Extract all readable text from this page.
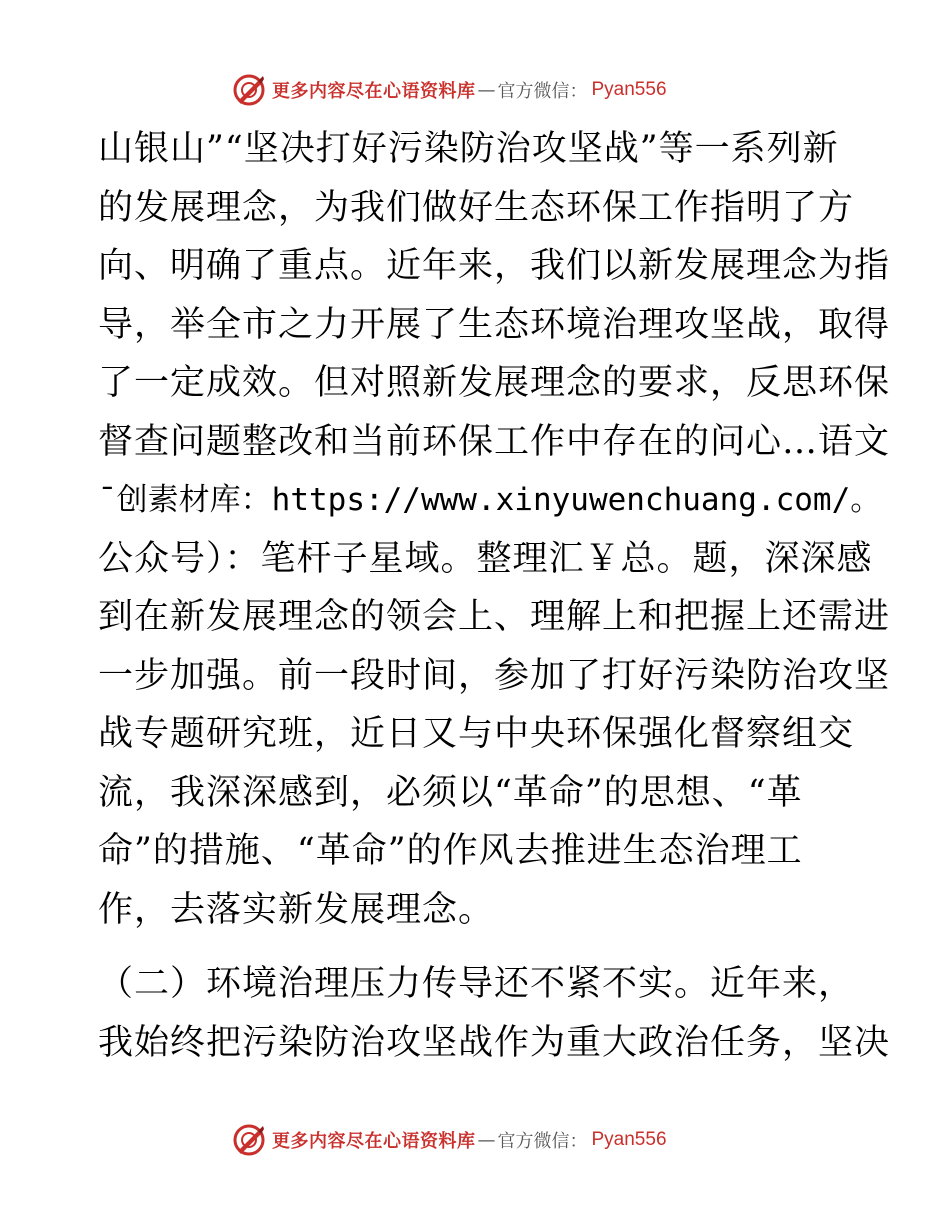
更多内容尽在心语资料库 — 官方微信： Pyan556
山银山”“坚决打好污染防治攻坚战”等一系列新
的发展理念，为我们做好生态环保工作指明了方
向、明确了重点。近年来，我们以新发展理念为指
导，举全市之力开展了生态环境治理攻坚战，取得
了一定成效。但对照新发展理念的要求，反思环保
督查问题整改和当前环保工作中存在的问心…语文
¯创素材库：https://www.xinyuwenchuang.com/。
公众号）：笔杆子星域。整理汇￥总。题，深深感
到在新发展理念的领会上、理解上和把握上还需进
一步加强。前一段时间，参加了打好污染防治攻坚
战专题研究班，近日又与中央环保强化督察组交
流，我深深感到，必须以“革命”的思想、“革
命”的措施、“革命”的作风去推进生态治理工
作，去落实新发展理念。
（二）环境治理压力传导还不紧不实。近年来，
我始终把污染防治攻坚战作为重大政治任务，坚决
更多内容尽在心语资料库 — 官方微信： Pyan556
